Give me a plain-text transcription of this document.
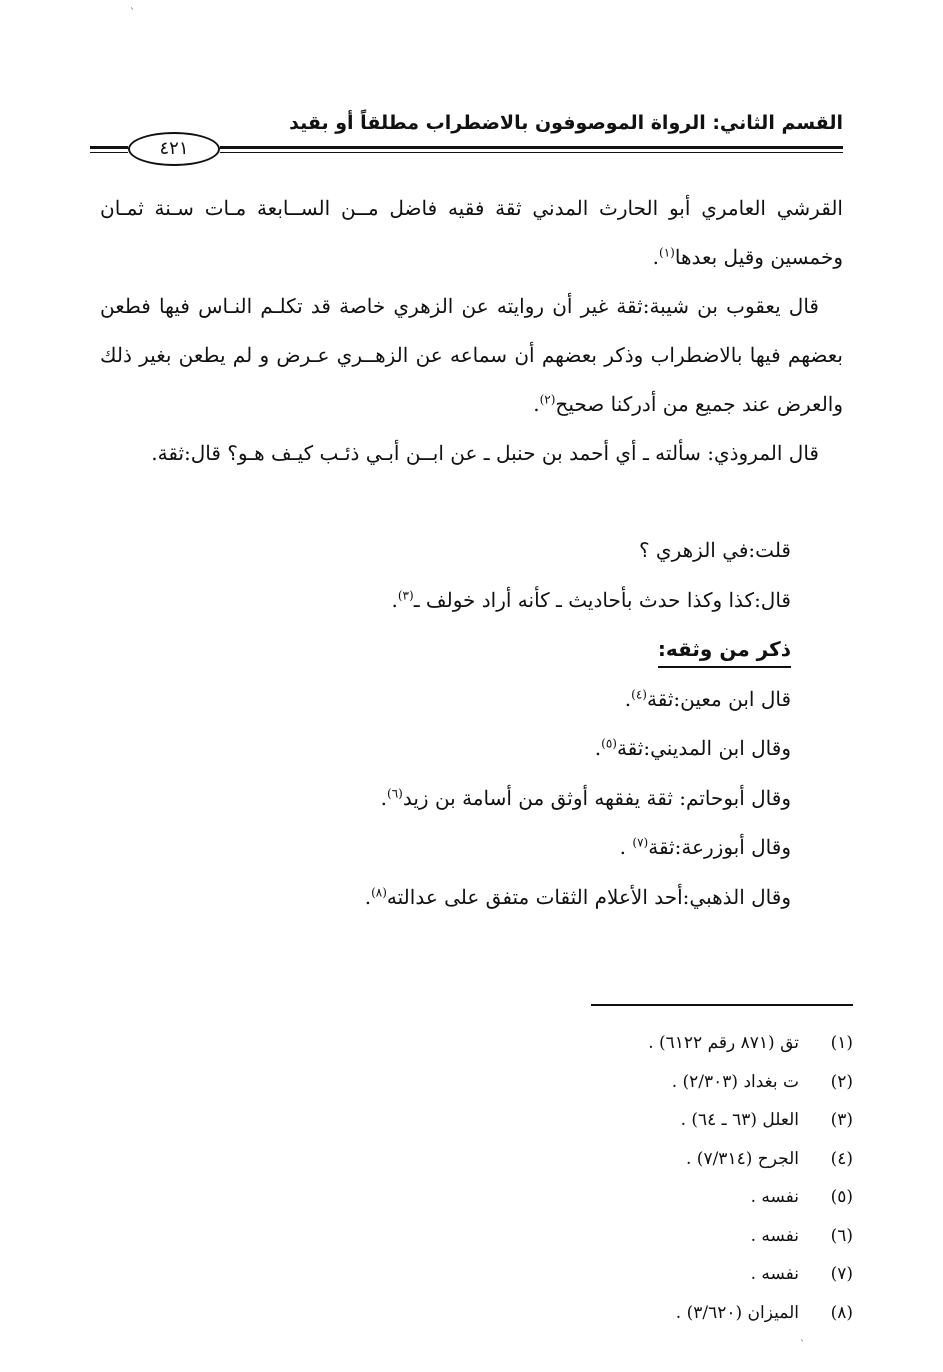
ˋ
القسم الثاني: الرواة الموصوفون بالاضطراب مطلقاً أو بقيد
٤٢١

القرشي العامري أبو الحارث المدني ثقة فقيه فاضل مــن الســابعة مـات سـنة ثمـان وخمسين وقيل بعدها$^{(١)}$.

قال يعقوب بن شيبة:ثقة غير أن روايته عن الزهري خاصة قد تكلـم النـاس فيها فطعن بعضهم فيها بالاضطراب وذكر بعضهم أن سماعه عن الزهــري عـرض و لم يطعن بغير ذلك والعرض عند جميع من أدركنا صحيح$^{(٢)}$.

قال المروذي: سألته ـ أي أحمد بن حنبل ـ عن ابــن أبـي ذئـب كيـف هـو؟ قال:ثقة.

قلت:في الزهري ؟

قال:كذا وكذا حدث بأحاديث ـ كأنه أراد خولف ـ$^{(٣)}$.

ذكر من وثقه:

قال ابن معين:ثقة$^{(٤)}$.

وقال ابن المديني:ثقة$^{(٥)}$.

وقال أبوحاتم: ثقة يفقهه أوثق من أسامة بن زيد$^{(٦)}$.

وقال أبوزرعة:ثقة$^{(٧)}$ .

وقال الذهبي:أحد الأعلام الثقات متفق على عدالته$^{(٨)}$.

(١)
تق (٨٧١ رقم ٦١٢٢) .
(٢)
ت بغداد (٢/٣٠٣) .
(٣)
العلل (٦٣ ـ ٦٤) .
(٤)
الجرح (٧/٣١٤) .
(٥)
نفسه .
(٦)
نفسه .
(٧)
نفسه .
(٨)
الميزان (٣/٦٢٠) .
ˋ
